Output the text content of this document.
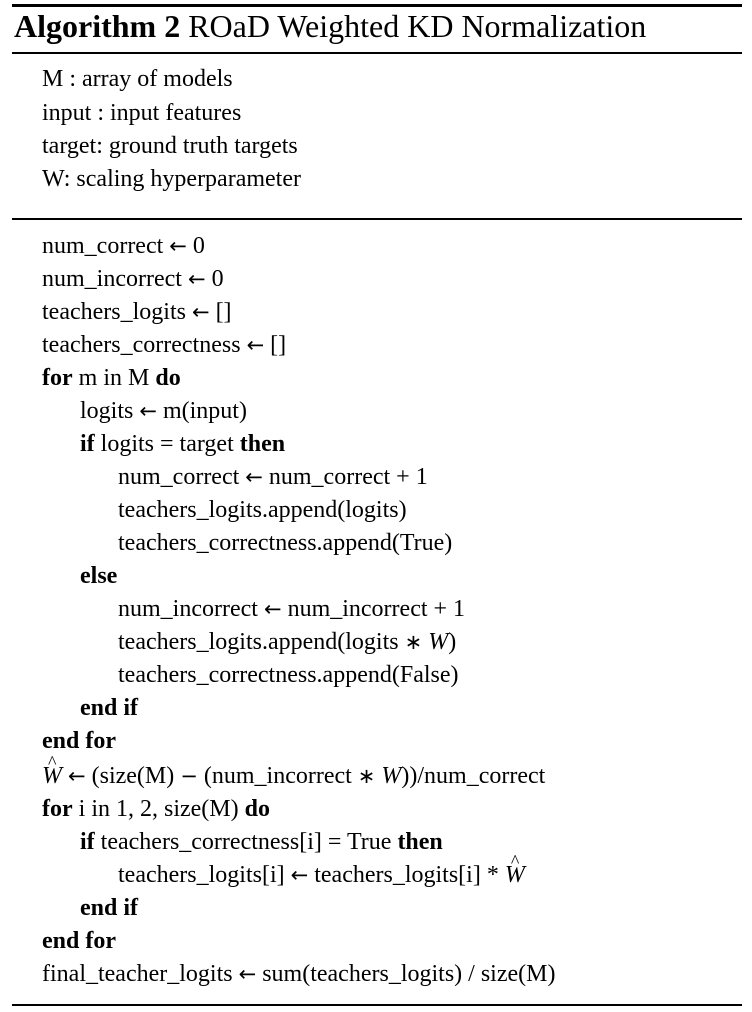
Algorithm 2 ROaD Weighted KD Normalization
M : array of models
input : input features
target: ground truth targets
W: scaling hyperparameter
num_correct ← 0
num_incorrect ← 0
teachers_logits ← []
teachers_correctness ← []
for m in M do
logits ← m(input)
if logits = target then
num_correct ← num_correct + 1
teachers_logits.append(logits)
teachers_correctness.append(True)
else
num_incorrect ← num_incorrect + 1
teachers_logits.append(logits ∗ W)
teachers_correctness.append(False)
end if
end for
W ^ ← (size(M) − (num_incorrect ∗ W))/num_correct
for i in 1, 2, size(M) do
if teachers_correctness[i] = True then
teachers_logits[i] ← teachers_logits[i] * W ^
end if
end for
final_teacher_logits ← sum(teachers_logits) / size(M)
